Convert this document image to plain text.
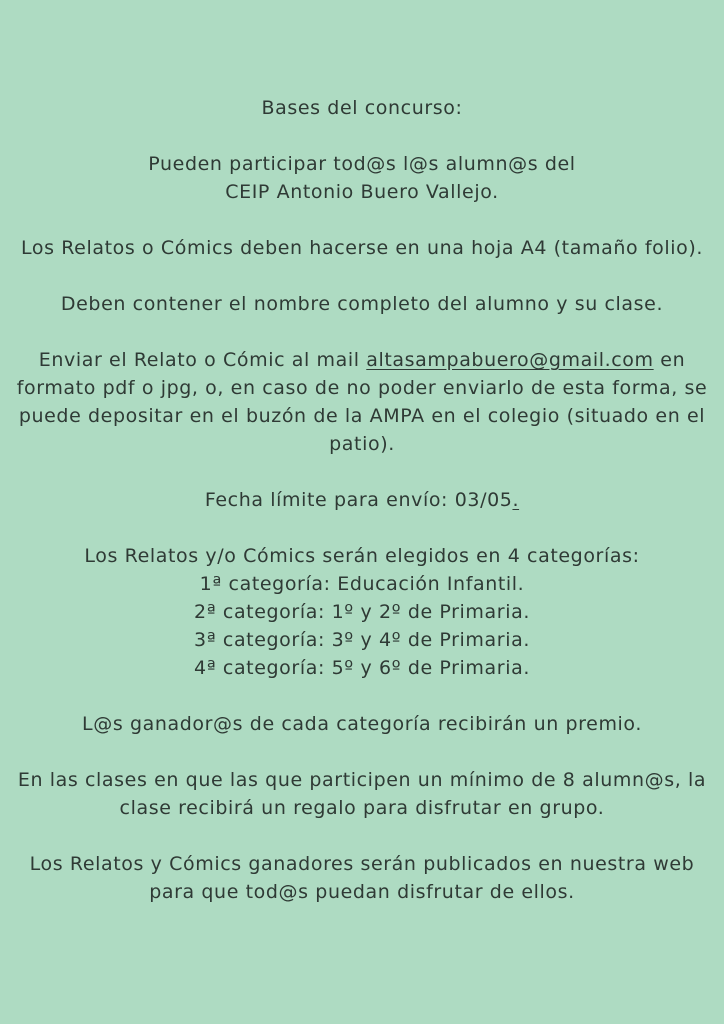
Bases del concurso:

Pueden participar tod@s l@s alumn@s del
CEIP Antonio Buero Vallejo.

Los Relatos o Cómics deben hacerse en una hoja A4 (tamaño folio).

Deben contener el nombre completo del alumno y su clase.

Enviar el Relato o Cómic al mail altasampabuero@gmail.com en formato pdf o jpg, o, en caso de no poder enviarlo de esta forma, se puede depositar en el buzón de la AMPA en el colegio (situado en el patio).

Fecha límite para envío: 03/05.

Los Relatos y/o Cómics serán elegidos en 4 categorías:
1ª categoría: Educación Infantil.
2ª categoría: 1º y 2º de Primaria.
3ª categoría: 3º y 4º de Primaria.
4ª categoría: 5º y 6º de Primaria.

L@s ganador@s de cada categoría recibirán un premio.

En las clases en que las que participen un mínimo de 8 alumn@s, la clase recibirá un regalo para disfrutar en grupo.

Los Relatos y Cómics ganadores serán publicados en nuestra web para que tod@s puedan disfrutar de ellos.
